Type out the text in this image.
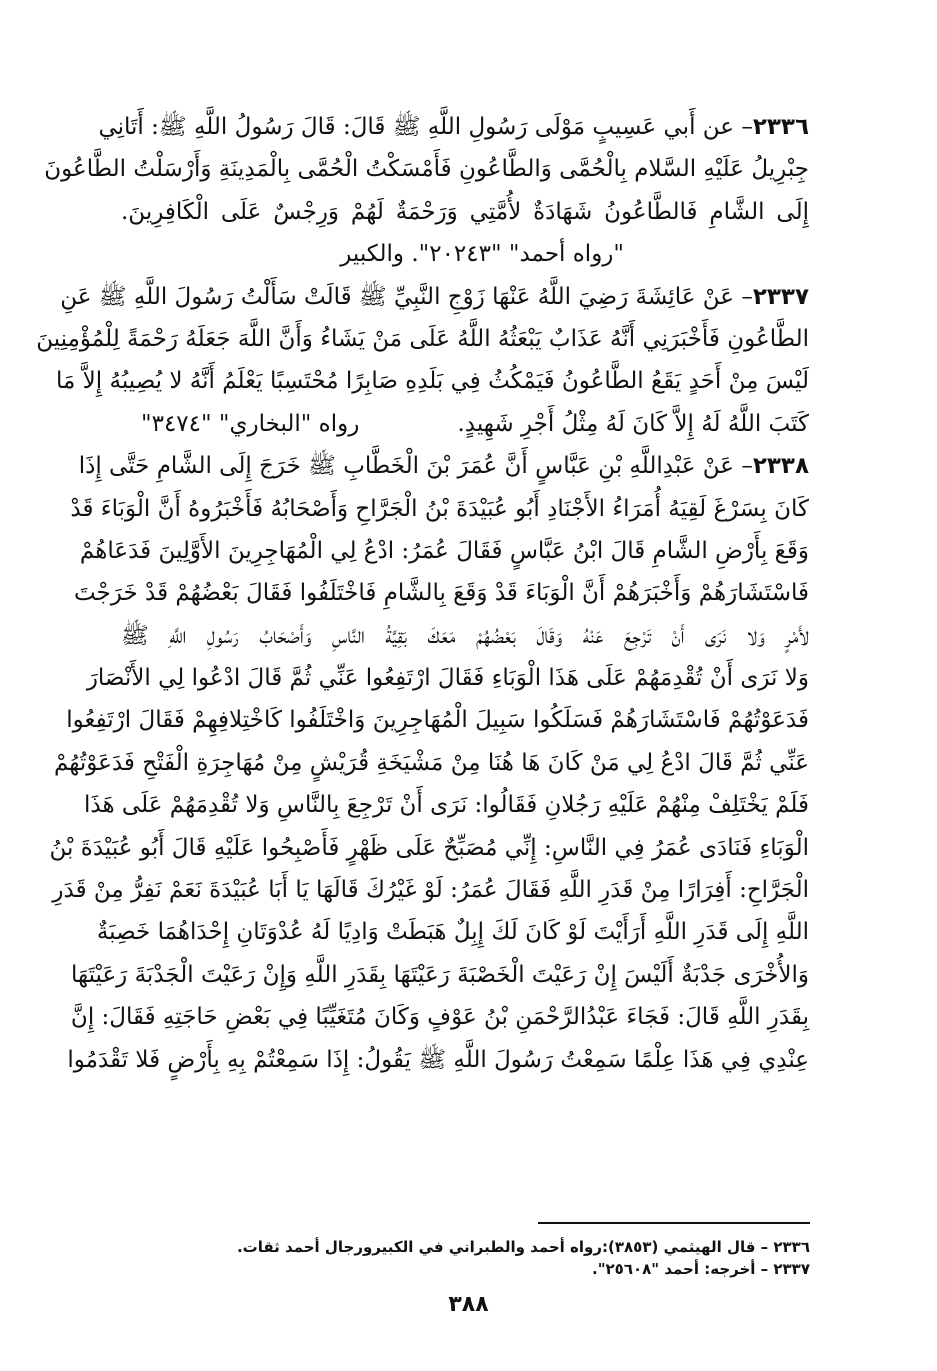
٢٣٣٦– عن أَبي عَسِيبٍ مَوْلَى رَسُولِ اللَّهِ ﷺ قَالَ: قَالَ رَسُولُ اللَّهِ ﷺ: أَتَانِي
جِبْرِيلُ عَلَيْهِ السَّلام بِالْحُمَّى وَالطَّاعُونِ فَأَمْسَكْتُ الْحُمَّى بِالْمَدِينَةِ وَأَرْسَلْتُ الطَّاعُونَ
إِلَى الشَّامِ فَالطَّاعُونُ شَهَادَةٌ لأُمَّتِي وَرَحْمَةٌ لَهُمْ وَرِجْسٌ عَلَى الْكَافِرِينَ.
"رواه أحمد" "٢٠٢٤٣". والكبير
٢٣٣٧– عَنْ عَائِشَةَ رَضِيَ اللَّهُ عَنْهَا زَوْجِ النَّبِيِّ ﷺ قَالَتْ سَأَلْتُ رَسُولَ اللَّهِ ﷺ عَنِ
الطَّاعُونِ فَأَخْبَرَنِي أَنَّهُ عَذَابٌ يَبْعَثُهُ اللَّهُ عَلَى مَنْ يَشَاءُ وَأَنَّ اللَّهَ جَعَلَهُ رَحْمَةً لِلْمُؤْمِنِينَ
لَيْسَ مِنْ أَحَدٍ يَقَعُ الطَّاعُونُ فَيَمْكُثُ فِي بَلَدِهِ صَابِرًا مُحْتَسِبًا يَعْلَمُ أَنَّهُ لا يُصِيبُهُ إِلاَّ مَا
كَتَبَ اللَّهُ لَهُ إِلاَّ كَانَ لَهُ مِثْلُ أَجْرِ شَهِيدٍ.
رواه "البخاري" "٣٤٧٤"
٢٣٣٨– عَنْ عَبْدِاللَّهِ بْنِ عَبَّاسٍ أَنَّ عُمَرَ بْنَ الْخَطَّابِ ﷺ خَرَجَ إِلَى الشَّامِ حَتَّى إِذَا
كَانَ بِسَرْغَ لَقِيَهُ أُمَرَاءُ الأَجْنَادِ أَبُو عُبَيْدَةَ بْنُ الْجَرَّاحِ وَأَصْحَابُهُ فَأَخْبَرُوهُ أَنَّ الْوَبَاءَ قَدْ
وَقَعَ بِأَرْضِ الشَّامِ قَالَ ابْنُ عَبَّاسٍ فَقَالَ عُمَرُ: ادْعُ لِي الْمُهَاجِرِينَ الأَوَّلِينَ فَدَعَاهُمْ
فَاسْتَشَارَهُمْ وَأَخْبَرَهُمْ أَنَّ الْوَبَاءَ قَدْ وَقَعَ بِالشَّامِ فَاخْتَلَفُوا فَقَالَ بَعْضُهُمْ قَدْ خَرَجْتَ
لأَمْرٍ وَلا نَرَى أَنْ تَرْجِعَ عَنْهُ وَقَالَ بَعْضُهُمْ مَعَكَ بَقِيَّةُ النَّاسِ وَأَصْحَابُ رَسُولِ اللَّهِ ﷺ
وَلا نَرَى أَنْ تُقْدِمَهُمْ عَلَى هَذَا الْوَبَاءِ فَقَالَ ارْتَفِعُوا عَنِّي ثُمَّ قَالَ ادْعُوا لِي الأَنْصَارَ
فَدَعَوْتُهُمْ فَاسْتَشَارَهُمْ فَسَلَكُوا سَبِيلَ الْمُهَاجِرِينَ وَاخْتَلَفُوا كَاخْتِلافِهِمْ فَقَالَ ارْتَفِعُوا
عَنِّي ثُمَّ قَالَ ادْعُ لِي مَنْ كَانَ هَا هُنَا مِنْ مَشْيَخَةِ قُرَيْشٍ مِنْ مُهَاجِرَةِ الْفَتْحِ فَدَعَوْتُهُمْ
فَلَمْ يَخْتَلِفْ مِنْهُمْ عَلَيْهِ رَجُلانِ فَقَالُوا: نَرَى أَنْ تَرْجِعَ بِالنَّاسِ وَلا تُقْدِمَهُمْ عَلَى هَذَا
الْوَبَاءِ فَنَادَى عُمَرُ فِي النَّاسِ: إِنِّي مُصَبِّحٌ عَلَى ظَهْرٍ فَأَصْبِحُوا عَلَيْهِ قَالَ أَبُو عُبَيْدَةَ بْنُ
الْجَرَّاحِ: أَفِرَارًا مِنْ قَدَرِ اللَّهِ فَقَالَ عُمَرُ: لَوْ غَيْرُكَ قَالَهَا يَا أَبَا عُبَيْدَةَ نَعَمْ نَفِرُّ مِنْ قَدَرِ
اللَّهِ إِلَى قَدَرِ اللَّهِ أَرَأَيْتَ لَوْ كَانَ لَكَ إِبِلٌ هَبَطَتْ وَادِيًا لَهُ عُدْوَتَانِ إِحْدَاهُمَا خَصِبَةٌ
وَالأُخْرَى جَدْبَةٌ أَلَيْسَ إِنْ رَعَيْتَ الْخَصْبَةَ رَعَيْتَهَا بِقَدَرِ اللَّهِ وَإِنْ رَعَيْتَ الْجَدْبَةَ رَعَيْتَهَا
بِقَدَرِ اللَّهِ قَالَ: فَجَاءَ عَبْدُالرَّحْمَنِ بْنُ عَوْفٍ وَكَانَ مُتَغَيِّبًا فِي بَعْضِ حَاجَتِهِ فَقَالَ: إِنَّ
عِنْدِي فِي هَذَا عِلْمًا سَمِعْتُ رَسُولَ اللَّهِ ﷺ يَقُولُ: إِذَا سَمِعْتُمْ بِهِ بِأَرْضٍ فَلا تَقْدَمُوا
٢٣٣٦ – قال الهيثمي (٣٨٥٣):رواه أحمد والطبراني في الكبيرورجال أحمد ثقات.
٢٣٣٧ – أخرجه: أحمد "٢٥٦٠٨".
٣٨٨
